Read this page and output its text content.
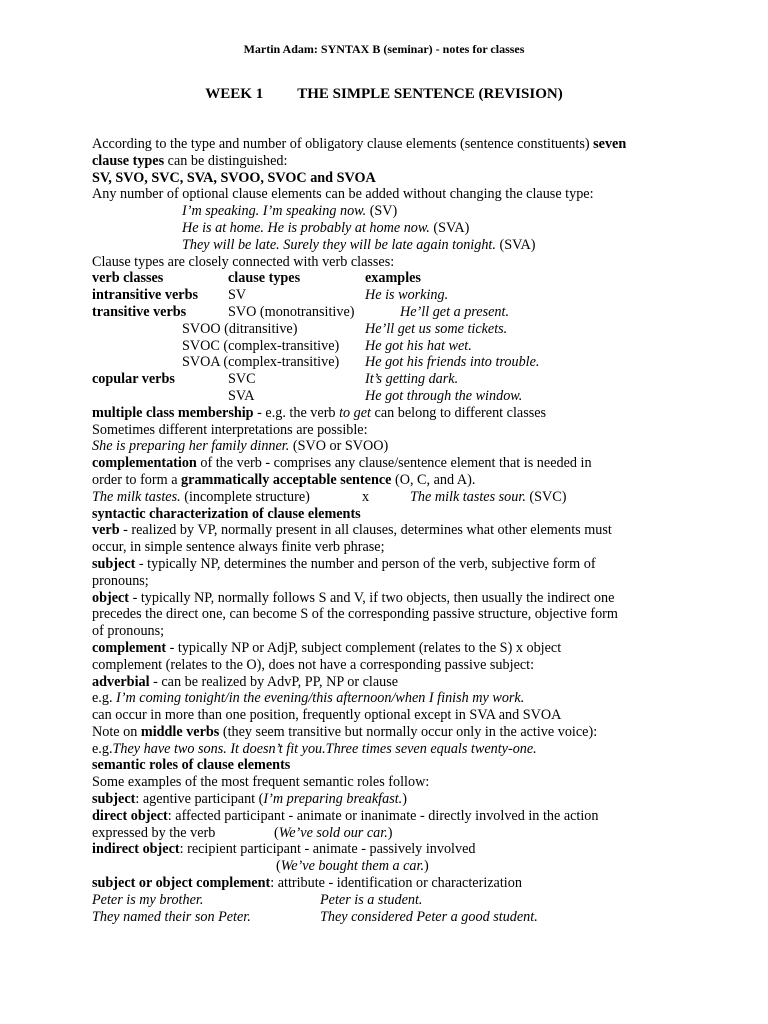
Martin Adam: SYNTAX B (seminar) - notes for classes
WEEK 1 THE SIMPLE SENTENCE (REVISION)
According to the type and number of obligatory clause elements (sentence constituents) seven
clause types can be distinguished:
SV, SVO, SVC, SVA, SVOO, SVOC and SVOA
Any number of optional clause elements can be added without changing the clause type:
I’m speaking. I’m speaking now. (SV)
He is at home. He is probably at home now. (SVA)
They will be late. Surely they will be late again tonight. (SVA)
Clause types are closely connected with verb classes:
verb classes	clause types	examples
intransitive verbs SV	He is working.
transitive verbs	SVO (monotransitive)	He’ll get a present.
SVOO (ditransitive)	He’ll get us some tickets.
SVOC (complex-transitive) He got his hat wet.
SVOA (complex-transitive) He got his friends into trouble.
copular verbs	SVC	It’s getting dark.
SVA	He got through the window.
multiple class membership - e.g. the verb to get can belong to different classes
Sometimes different interpretations are possible:
She is preparing her family dinner. (SVO or SVOO)
complementation of the verb - comprises any clause/sentence element that is needed in
order to form a grammatically acceptable sentence (O, C, and A).
The milk tastes. (incomplete structure)	x	The milk tastes sour. (SVC)
syntactic characterization of clause elements
verb - realized by VP, normally present in all clauses, determines what other elements must
occur, in simple sentence always finite verb phrase;
subject - typically NP, determines the number and person of the verb, subjective form of
pronouns;
object - typically NP, normally follows S and V, if two objects, then usually the indirect one
precedes the direct one, can become S of the corresponding passive structure, objective form
of pronouns;
complement - typically NP or AdjP, subject complement (relates to the S) x object
complement (relates to the O), does not have a corresponding passive subject:
adverbial - can be realized by AdvP, PP, NP or clause
e.g. I’m coming tonight/in the evening/this afternoon/when I finish my work.
can occur in more than one position, frequently optional except in SVA and SVOA
Note on middle verbs (they seem transitive but normally occur only in the active voice):
e.g.They have two sons. It doesn’t fit you.Three times seven equals twenty-one.
semantic roles of clause elements
Some examples of the most frequent semantic roles follow:
subject: agentive participant (I’m preparing breakfast.)
direct object: affected participant - animate or inanimate - directly involved in the action
expressed by the verb	(We’ve sold our car.)
indirect object: recipient participant - animate - passively involved
(We’ve bought them a car.)
subject or object complement: attribute - identification or characterization
Peter is my brother.	Peter is a student.
They named their son Peter.	They considered Peter a good student.
